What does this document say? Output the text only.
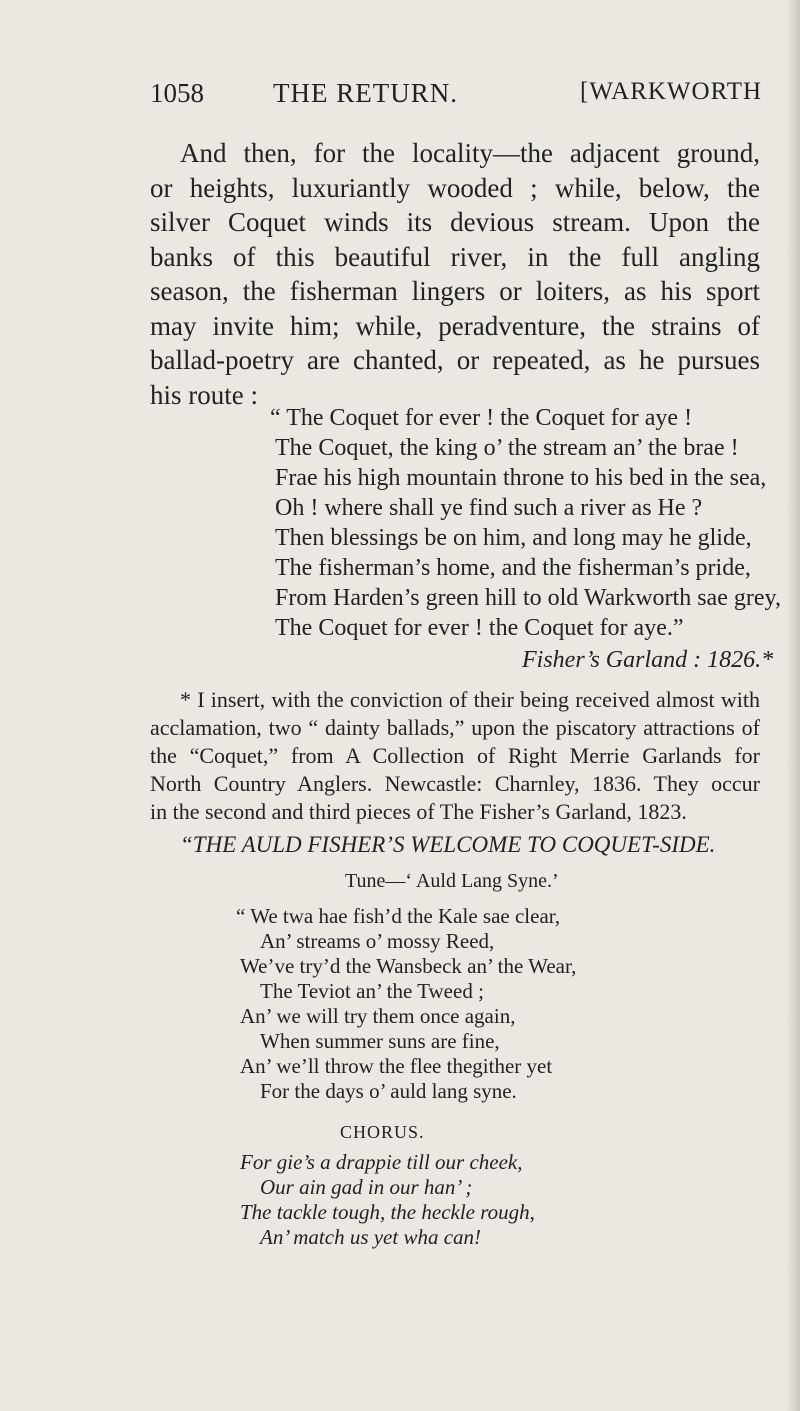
1058	THE RETURN.	[WARKWORTH
And then, for the locality—the adjacent ground,
or heights, luxuriantly wooded ; while, below, the
silver Coquet winds its devious stream. Upon the
banks of this beautiful river, in the full angling
season, the fisherman lingers or loiters, as his sport
may invite him; while, peradventure, the strains of
ballad-poetry are chanted, or repeated, as he pursues
his route :
“ The Coquet for ever ! the Coquet for aye !
The Coquet, the king o’ the stream an’ the brae !
Frae his high mountain throne to his bed in the sea,
Oh ! where shall ye find such a river as He ?
Then blessings be on him, and long may he glide,
The fisherman’s home, and the fisherman’s pride,
From Harden’s green hill to old Warkworth sae grey,
The Coquet for ever ! the Coquet for aye.”
Fisher’s Garland : 1826.*
* I insert, with the conviction of their being received almost with
acclamation, two “ dainty ballads,” upon the piscatory attractions of
the “Coquet,” from A Collection of Right Merrie Garlands for
North Country Anglers. Newcastle: Charnley, 1836. They occur
in the second and third pieces of The Fisher’s Garland, 1823.
“THE AULD FISHER’S WELCOME TO COQUET-SIDE.
Tune—‘ Auld Lang Syne.’
“ We twa hae fish’d the Kale sae clear,
An’ streams o’ mossy Reed,
We’ve try’d the Wansbeck an’ the Wear,
The Teviot an’ the Tweed ;
An’ we will try them once again,
When summer suns are fine,
An’ we’ll throw the flee thegither yet
For the days o’ auld lang syne.
CHORUS.
For gie’s a drappie till our cheek,
Our ain gad in our han’ ;
The tackle tough, the heckle rough,
An’ match us yet wha can!
